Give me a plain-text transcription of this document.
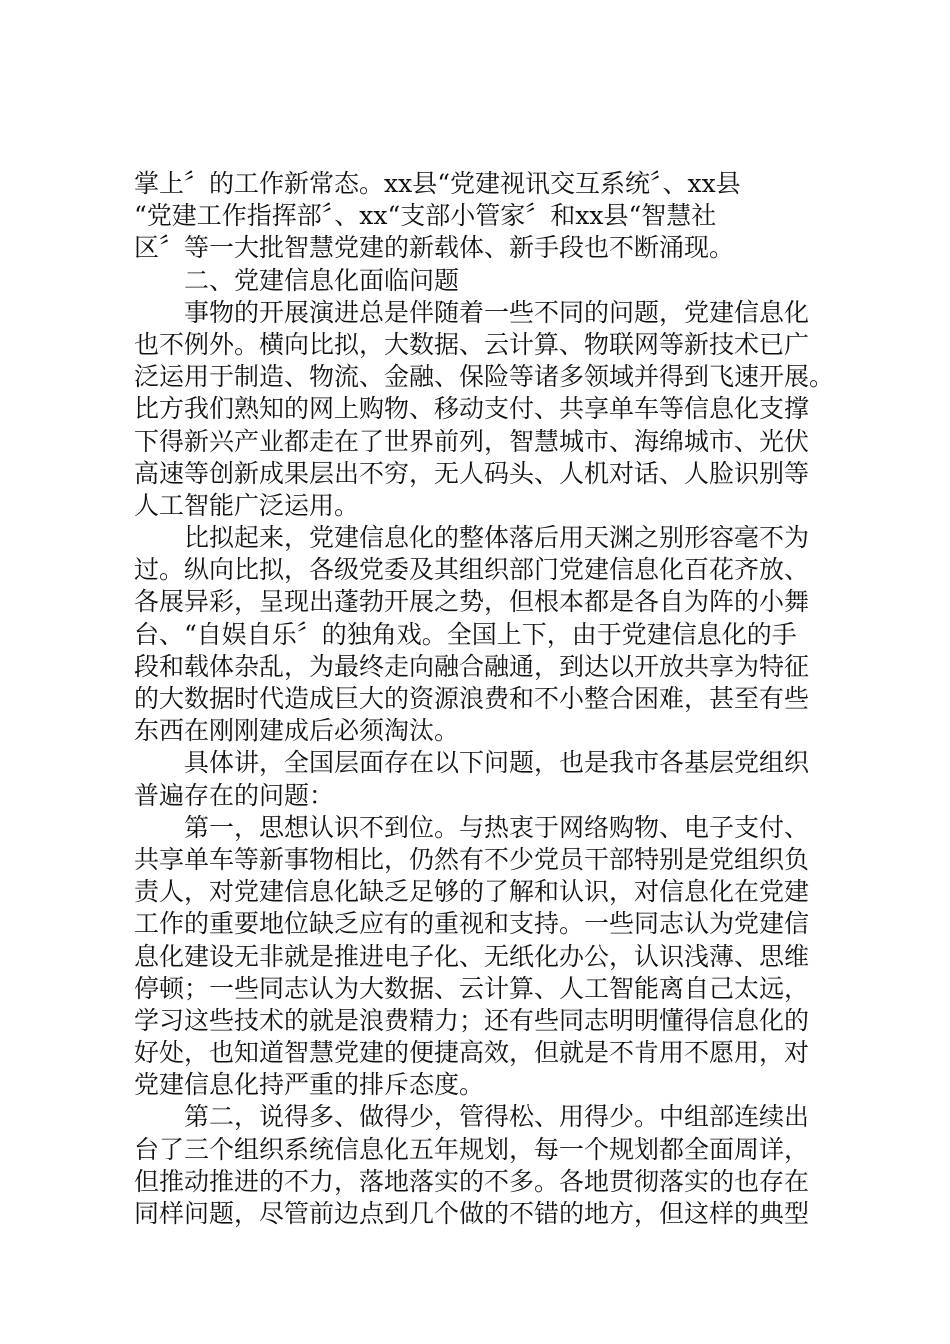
掌上〞的工作新常态。xx县“党建视讯交互系统〞、xx县
“党建工作指挥部〞、xx“支部小管家〞和xx县“智慧社
区〞等一大批智慧党建的新载体、新手段也不断涌现。
二、党建信息化面临问题
事物的开展演进总是伴随着一些不同的问题，党建信息化
也不例外。横向比拟，大数据、云计算、物联网等新技术已广
泛运用于制造、物流、金融、保险等诸多领域并得到飞速开展。
比方我们熟知的网上购物、移动支付、共享单车等信息化支撑
下得新兴产业都走在了世界前列，智慧城市、海绵城市、光伏
高速等创新成果层出不穷，无人码头、人机对话、人脸识别等
人工智能广泛运用。
比拟起来，党建信息化的整体落后用天渊之别形容毫不为
过。纵向比拟，各级党委及其组织部门党建信息化百花齐放、
各展异彩，呈现出蓬勃开展之势，但根本都是各自为阵的小舞
台、“自娱自乐〞的独角戏。全国上下，由于党建信息化的手
段和载体杂乱，为最终走向融合融通，到达以开放共享为特征
的大数据时代造成巨大的资源浪费和不小整合困难，甚至有些
东西在刚刚建成后必须淘汰。
具体讲，全国层面存在以下问题，也是我市各基层党组织
普遍存在的问题：
第一，思想认识不到位。与热衷于网络购物、电子支付、
共享单车等新事物相比，仍然有不少党员干部特别是党组织负
责人，对党建信息化缺乏足够的了解和认识，对信息化在党建
工作的重要地位缺乏应有的重视和支持。一些同志认为党建信
息化建设无非就是推进电子化、无纸化办公，认识浅薄、思维
停顿；一些同志认为大数据、云计算、人工智能离自己太远，
学习这些技术的就是浪费精力；还有些同志明明懂得信息化的
好处，也知道智慧党建的便捷高效，但就是不肯用不愿用，对
党建信息化持严重的排斥态度。
第二，说得多、做得少，管得松、用得少。中组部连续出
台了三个组织系统信息化五年规划，每一个规划都全面周详，
但推动推进的不力，落地落实的不多。各地贯彻落实的也存在
同样问题，尽管前边点到几个做的不错的地方，但这样的典型
